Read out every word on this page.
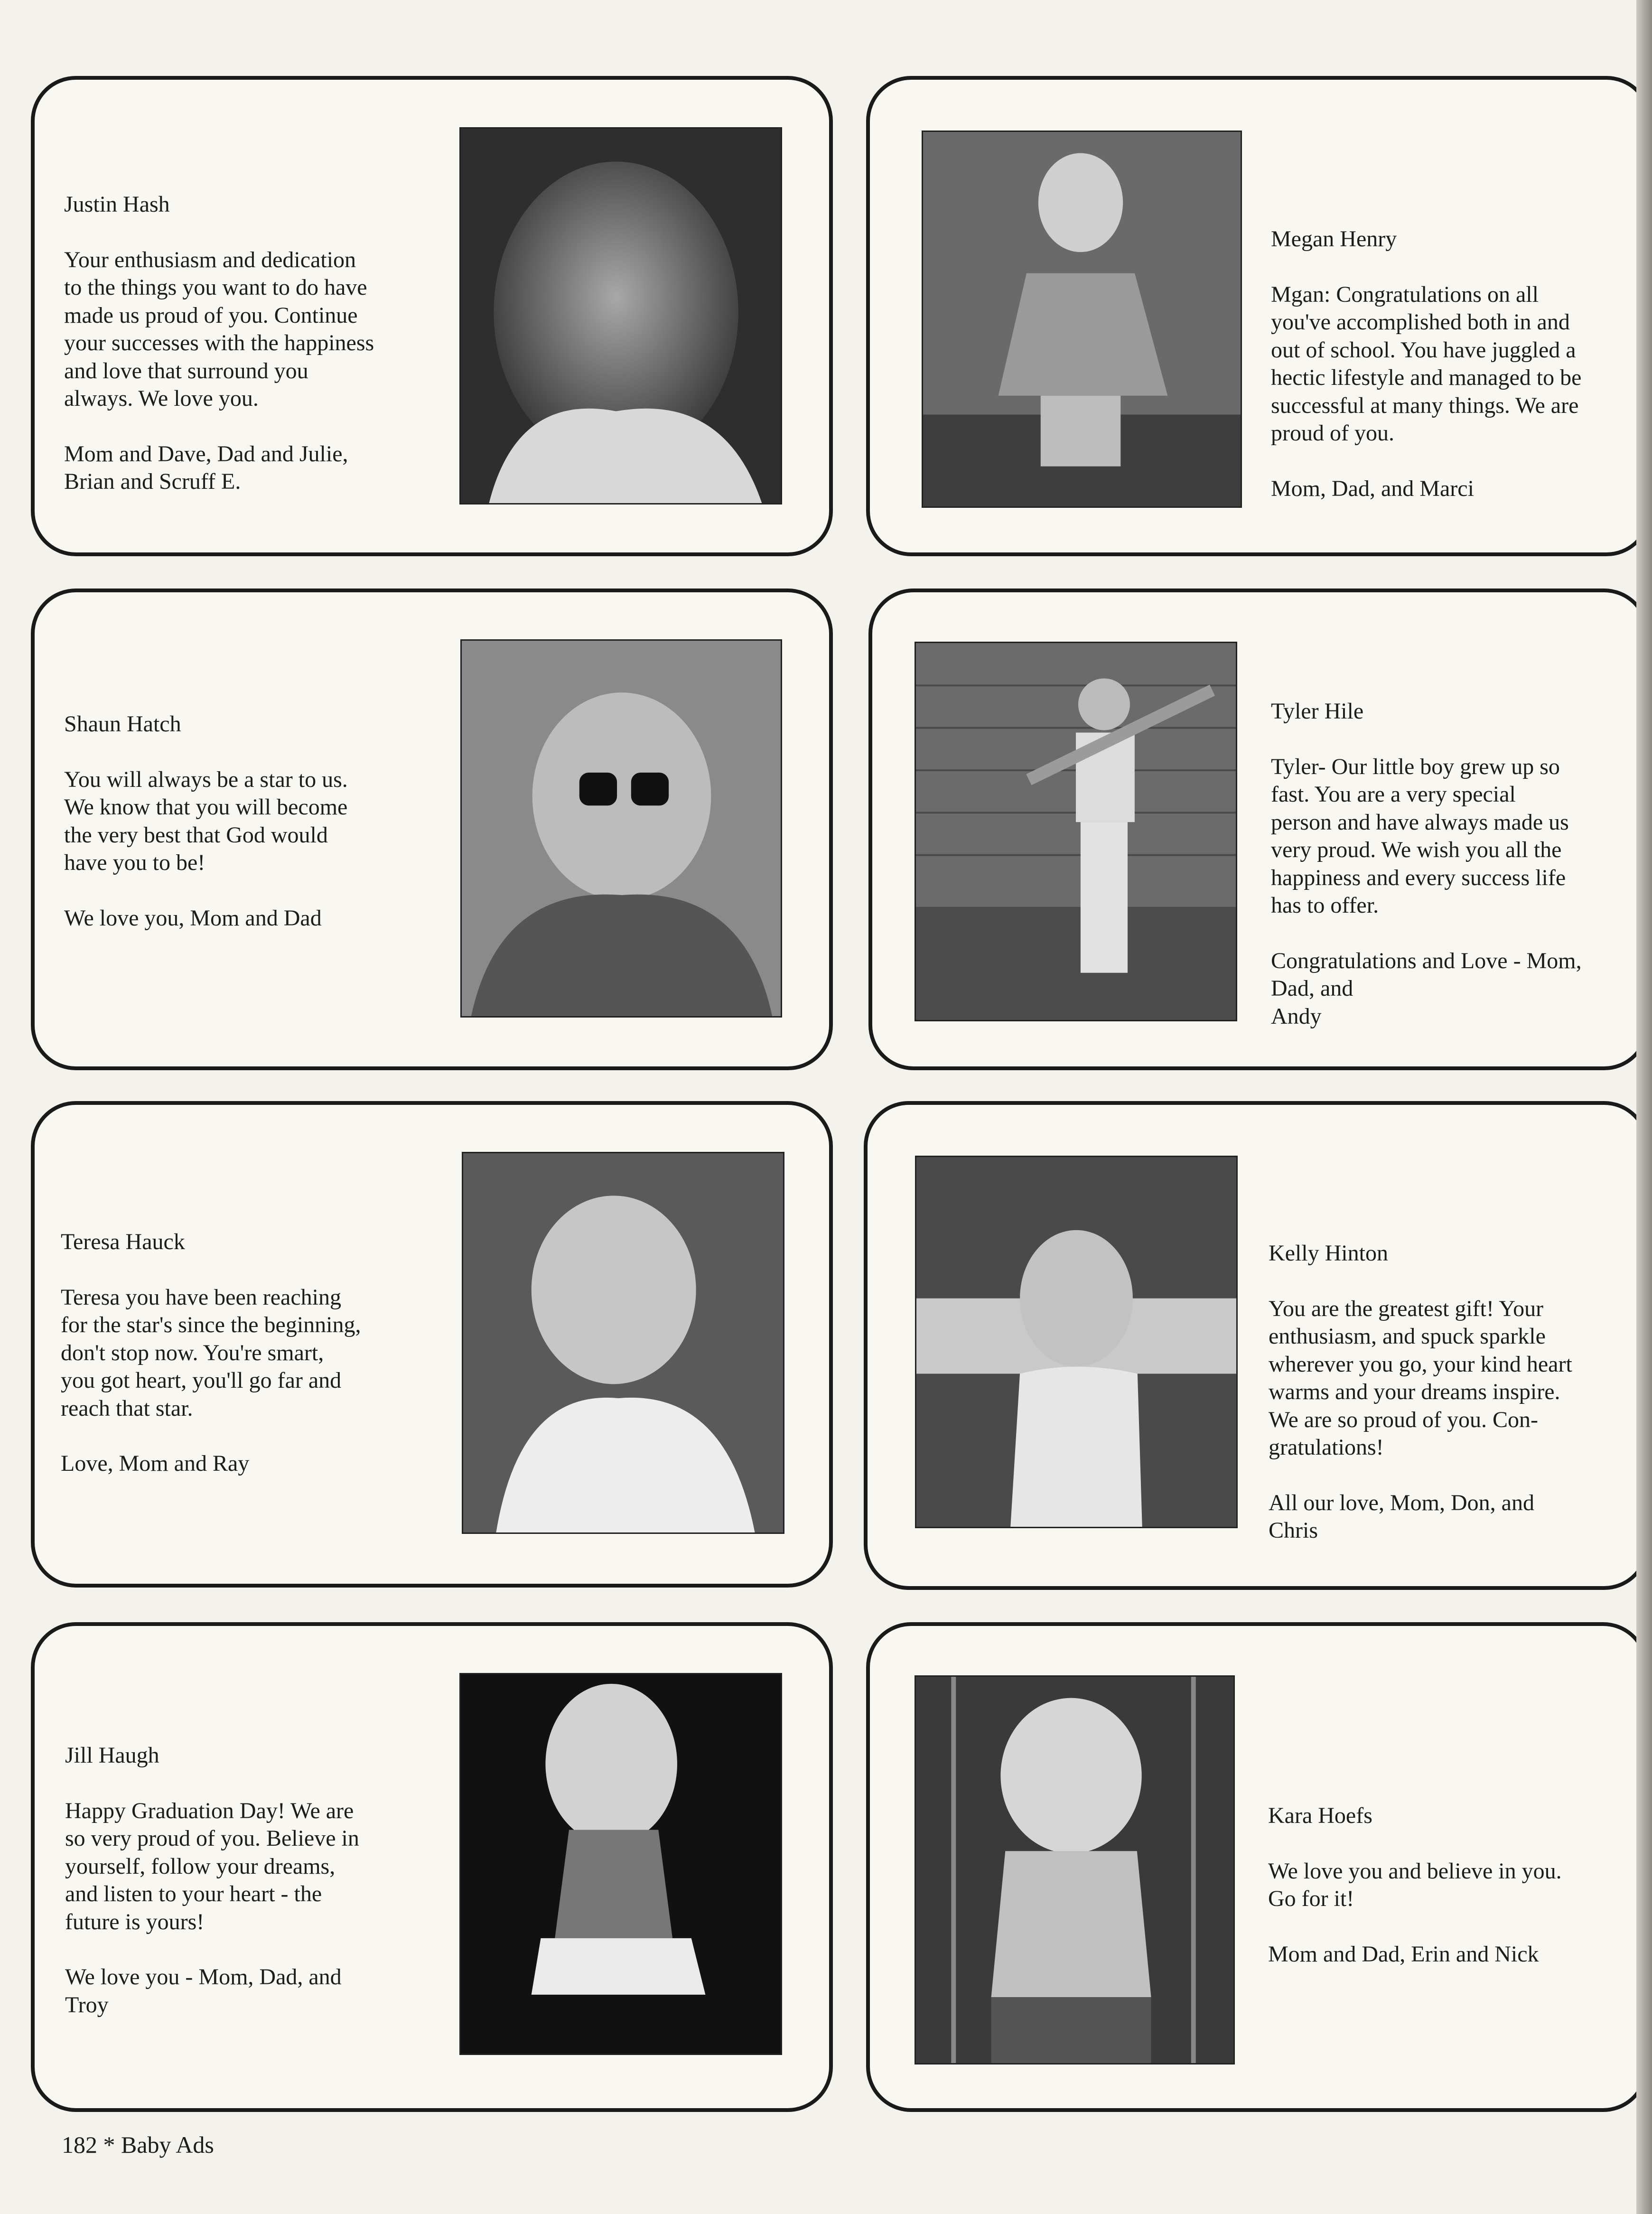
Justin Hash
Your enthusiasm and dedication
to the things you want to do have
made us proud of you. Continue
your successes with the happiness
and love that surround you
always. We love you.
Mom and Dave, Dad and Julie,
Brian and Scruff E.
Megan Henry
Mgan: Congratulations on all
you've accomplished both in and
out of school. You have juggled a
hectic lifestyle and managed to be
successful at many things. We are
proud of you.
Mom, Dad, and Marci
Shaun Hatch
You will always be a star to us.
We know that you will become
the very best that God would
have you to be!
We love you, Mom and Dad
Tyler Hile
Tyler- Our little boy grew up so
fast. You are a very special
person and have always made us
very proud. We wish you all the
happiness and every success life
has to offer.
Congratulations and Love - Mom,
Dad, and
Andy
Teresa Hauck
Teresa you have been reaching
for the star's since the beginning,
don't stop now. You're smart,
you got heart, you'll go far and
reach that star.
Love, Mom and Ray
Kelly Hinton
You are the greatest gift! Your
enthusiasm, and spuck sparkle
wherever you go, your kind heart
warms and your dreams inspire.
We are so proud of you. Con-
gratulations!
All our love, Mom, Don, and
Chris
Jill Haugh
Happy Graduation Day! We are
so very proud of you. Believe in
yourself, follow your dreams,
and listen to your heart - the
future is yours!
We love you - Mom, Dad, and
Troy
Kara Hoefs
We love you and believe in you.
Go for it!
Mom and Dad, Erin and Nick
182 * Baby Ads
